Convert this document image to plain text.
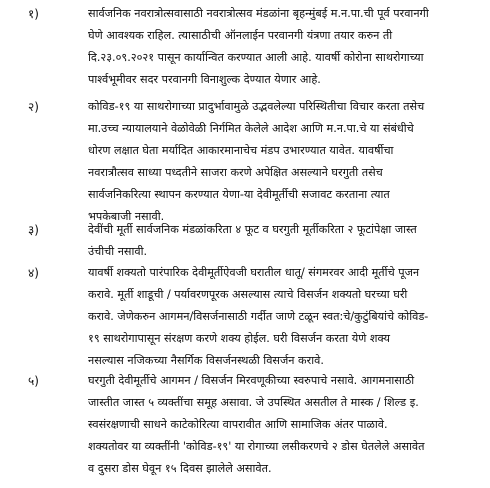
१)	सार्वजनिक नवरात्रोत्सवासाठी नवरात्रोत्सव मंडळांना बृहन्मुंबई म.न.पा.ची पूर्व परवानगी
घेणे आवश्यक राहिल. त्यासाठीची ऑनलाईन परवानगी यंत्रणा तयार करुन ती
दि.२३.०९.२०२१ पासून कार्यान्वित करण्यात आली आहे. यावर्षी कोरोना साथरोगाच्या
पार्श्वभूमीवर सदर परवानगी विनाशुल्क देण्यात येणार आहे.
२)	कोविड-१९ या साथरोगाच्या प्रादुर्भावामुळे उद्भवलेल्या परिस्थितीचा विचार करता तसेच
मा.उच्च न्यायालयाने वेळोवेळी निर्गमित केलेले आदेश आणि म.न.पा.चे या संबंधीचे
धोरण लक्षात घेता मर्यादित आकारमानाचेच मंडप उभारण्यात यावेत. यावर्षीचा
नवरात्रौत्सव साध्या पध्दतीने साजरा करणे अपेक्षित असल्याने घरगुती तसेच
सार्वजनिकरित्या स्थापन करण्यात येणा-या देवीमूर्तीची सजावट करताना त्यात
भपकेबाजी नसावी.
३)	देवींची मूर्ती सार्वजनिक मंडळांकरिता ४ फूट व घरगुती मूर्तीकरिता २ फूटांपेक्षा जास्त
उंचीची नसावी.
४)	यावर्षी शक्यतो पारंपारिक देवीमूर्तीऐवजी घरातील धातू/ संगमरवर आदी मूर्तीचे पूजन
करावे. मूर्ती शाडूची / पर्यावरणपूरक असल्यास त्याचे विसर्जन शक्यतो घरच्या घरी
करावे. जेणेकरुन आगमन/विसर्जनासाठी गर्दीत जाणे टळून स्वत:चे/कुटुंबियांचे कोविड-
१९ साथरोगापासून संरक्षण करणे शक्य होईल. घरी विसर्जन करता येणे शक्य
नसल्यास नजिकच्या नैसर्गिक विसर्जनस्थळी विसर्जन करावे.
५)	घरगुती देवीमूर्तीचे आगमन / विसर्जन मिरवणूकीच्या स्वरुपाचे नसावे. आगमनासाठी
जास्तीत जास्त ५ व्यक्तींचा समूह असावा. जे उपस्थित असतील ते मास्क / शिल्ड इ.
स्वसंरक्षणाची साधने काटेकोरित्या वापरावीत आणि सामाजिक अंतर पाळावे.
शक्यतोवर या व्यक्तींनी 'कोविड-१९' या रोगाच्या लसीकरणचे २ डोस घेतलेले असावेत
व दुसरा डोस घेवून १५ दिवस झालेले असावेत.
